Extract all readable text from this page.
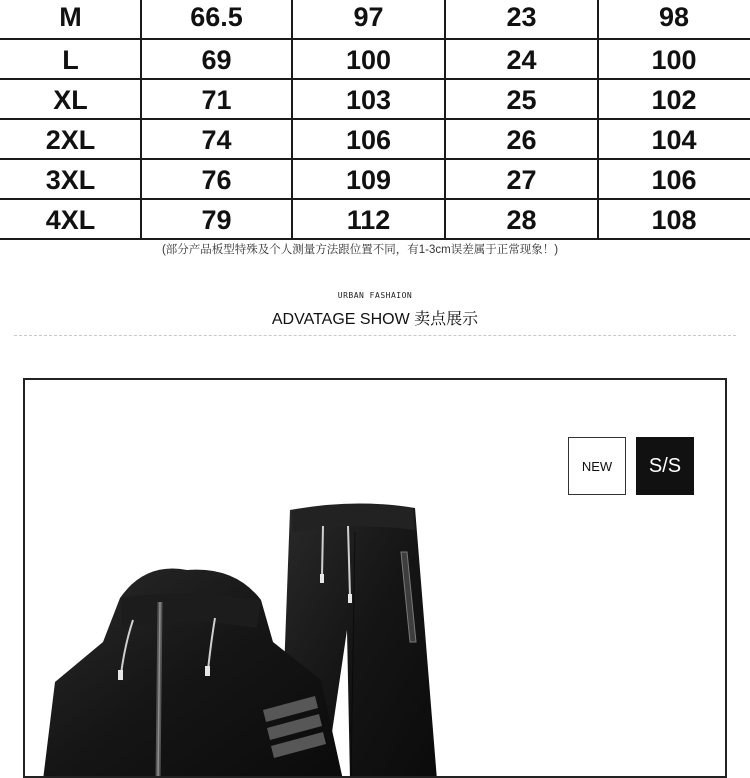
M	66.5	97	23	98
L	69	100	24	100
XL	71	103	25	102
2XL	74	106	26	104
3XL	76	109	27	106
4XL	79	112	28	108
(部分产品板型特殊及个人测量方法跟位置不同，有1-3cm误差属于正常现象！)
URBAN FASHAION
ADVATAGE SHOW 卖点展示
NEW	S/S
